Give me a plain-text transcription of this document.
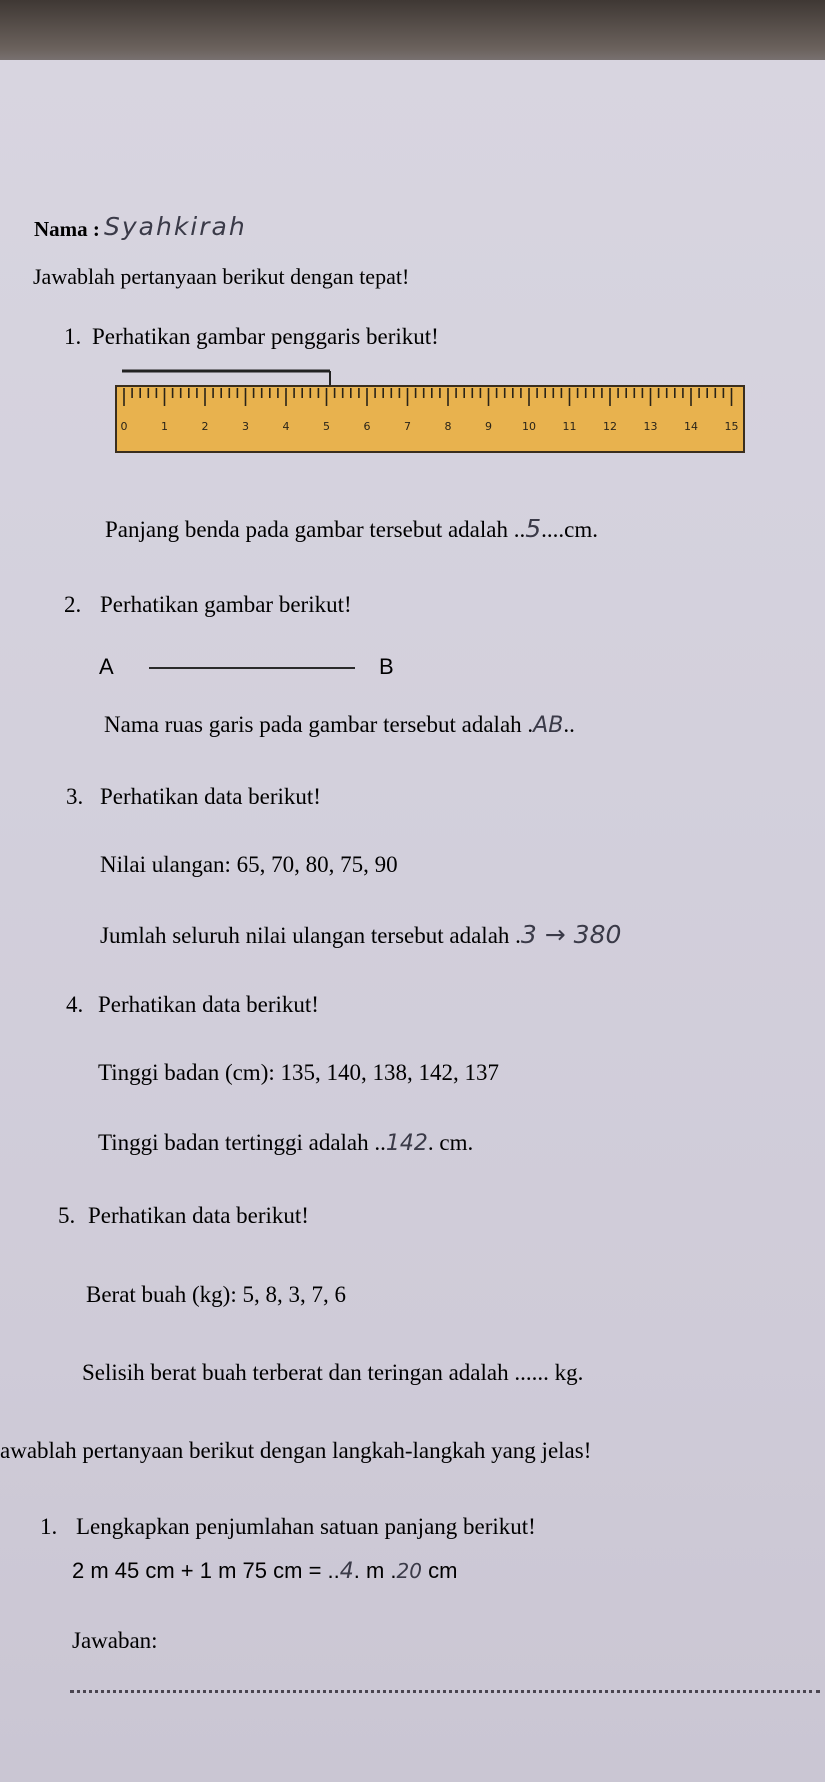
Nama : Syahkirah
Jawablah pertanyaan berikut dengan tepat!
1. Perhatikan gambar penggaris berikut!
0	1	2	3	4	5	6	7	8	9	10 11 12 13 14 15
Panjang benda pada gambar tersebut adalah ..5....cm.
2. Perhatikan gambar berikut!
A	B
Nama ruas garis pada gambar tersebut adalah .AB..
3. Perhatikan data berikut!
Nilai ulangan: 65, 70, 80, 75, 90
Jumlah seluruh nilai ulangan tersebut adalah .3 → 380
4. Perhatikan data berikut!
Tinggi badan (cm): 135, 140, 138, 142, 137
Tinggi badan tertinggi adalah ..142. cm.
5. Perhatikan data berikut!
Berat buah (kg): 5, 8, 3, 7, 6
Selisih berat buah terberat dan teringan adalah ...... kg.
awablah pertanyaan berikut dengan langkah-langkah yang jelas!
1. Lengkapkan penjumlahan satuan panjang berikut!
2 m 45 cm + 1 m 75 cm = ..4. m .20 cm
Jawaban:
